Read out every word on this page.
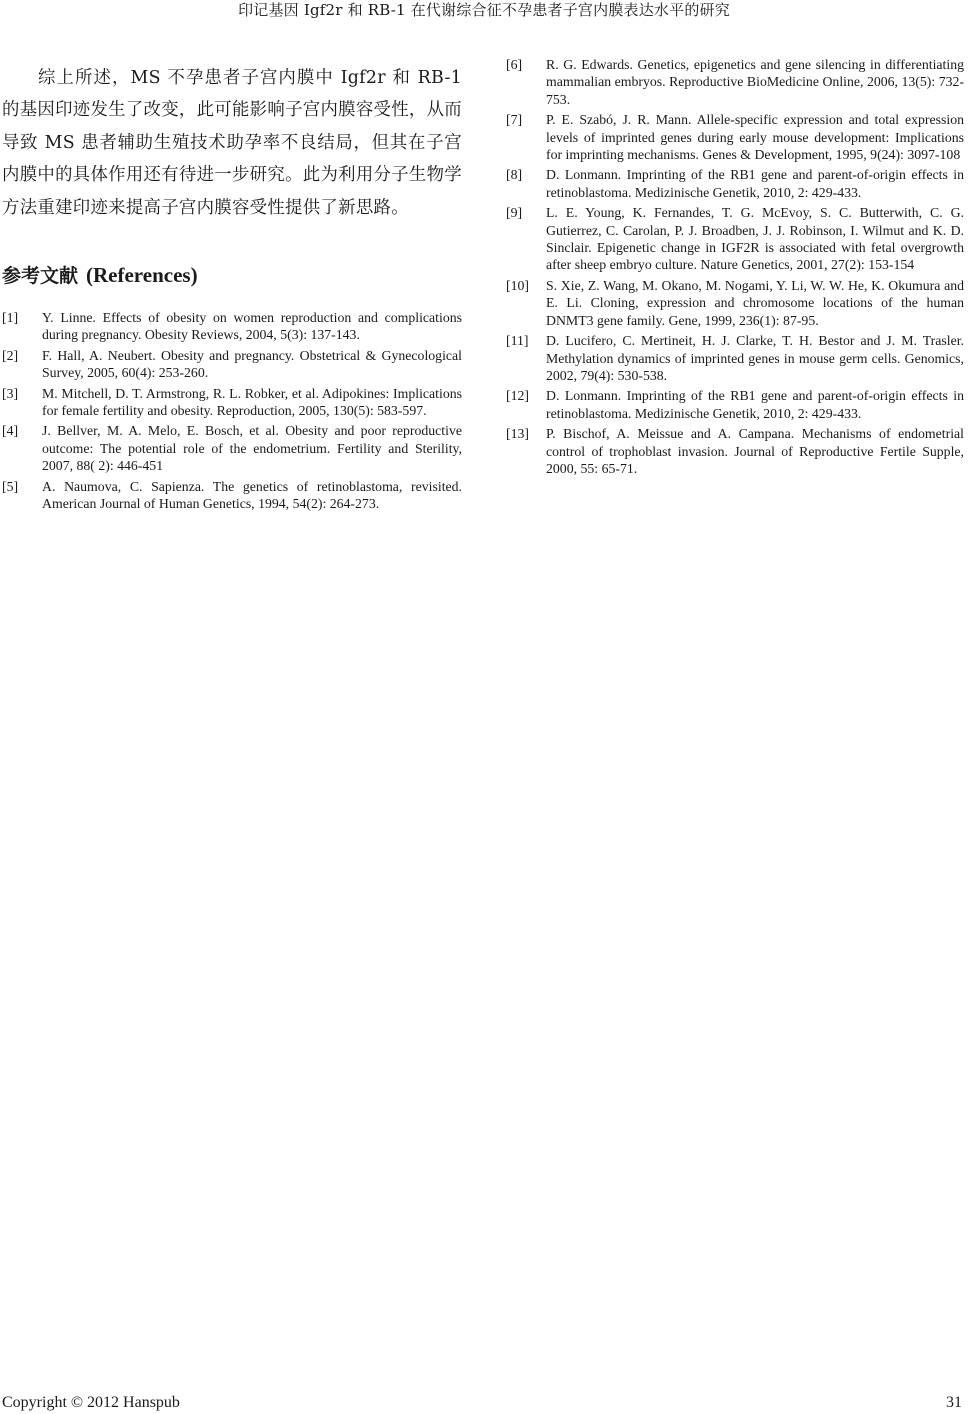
印记基因 Igf2r 和 RB-1 在代谢综合征不孕患者子宫内膜表达水平的研究

综上所述，MS 不孕患者子宫内膜中 Igf2r 和 RB-1 的基因印迹发生了改变，此可能影响子宫内膜容受性，从而导致 MS 患者辅助生殖技术助孕率不良结局，但其在子宫内膜中的具体作用还有待进一步研究。此为利用分子生物学方法重建印迹来提高子宫内膜容受性提供了新思路。

参考文献 (References)
[1]	Y. Linne. Effects of obesity on women reproduction and complications during pregnancy. Obesity Reviews, 2004, 5(3): 137-143.
[2]	F. Hall, A. Neubert. Obesity and pregnancy. Obstetrical & Gynecological Survey, 2005, 60(4): 253-260.
[3]	M. Mitchell, D. T. Armstrong, R. L. Robker, et al. Adipokines: Implications for female fertility and obesity. Reproduction, 2005, 130(5): 583-597.
[4]	J. Bellver, M. A. Melo, E. Bosch, et al. Obesity and poor reproductive outcome: The potential role of the endometrium. Fertility and Sterility, 2007, 88( 2): 446-451
[5]	A. Naumova, C. Sapienza. The genetics of retinoblastoma, revisited. American Journal of Human Genetics, 1994, 54(2): 264-273.
[6]	R. G. Edwards. Genetics, epigenetics and gene silencing in differentiating mammalian embryos. Reproductive BioMedicine Online, 2006, 13(5): 732-753.
[7]	P. E. Szabó, J. R. Mann. Allele-specific expression and total expression levels of imprinted genes during early mouse development: Implications for imprinting mechanisms. Genes & Development, 1995, 9(24): 3097-108
[8]	D. Lonmann. Imprinting of the RB1 gene and parent-of-origin effects in retinoblastoma. Medizinische Genetik, 2010, 2: 429-433.
[9]	L. E. Young, K. Fernandes, T. G. McEvoy, S. C. Butterwith, C. G. Gutierrez, C. Carolan, P. J. Broadben, J. J. Robinson, I. Wilmut and K. D. Sinclair. Epigenetic change in IGF2R is associated with fetal overgrowth after sheep embryo culture. Nature Genetics, 2001, 27(2): 153-154
[10]	S. Xie, Z. Wang, M. Okano, M. Nogami, Y. Li, W. W. He, K. Okumura and E. Li. Cloning, expression and chromosome locations of the human DNMT3 gene family. Gene, 1999, 236(1): 87-95.
[11]	D. Lucifero, C. Mertineit, H. J. Clarke, T. H. Bestor and J. M. Trasler. Methylation dynamics of imprinted genes in mouse germ cells. Genomics, 2002, 79(4): 530-538.
[12]	D. Lonmann. Imprinting of the RB1 gene and parent-of-origin effects in retinoblastoma. Medizinische Genetik, 2010, 2: 429-433.
[13]	P. Bischof, A. Meissue and A. Campana. Mechanisms of endometrial control of trophoblast invasion. Journal of Reproductive Fertile Supple, 2000, 55: 65-71.
Copyright © 2012 Hanspub	31
